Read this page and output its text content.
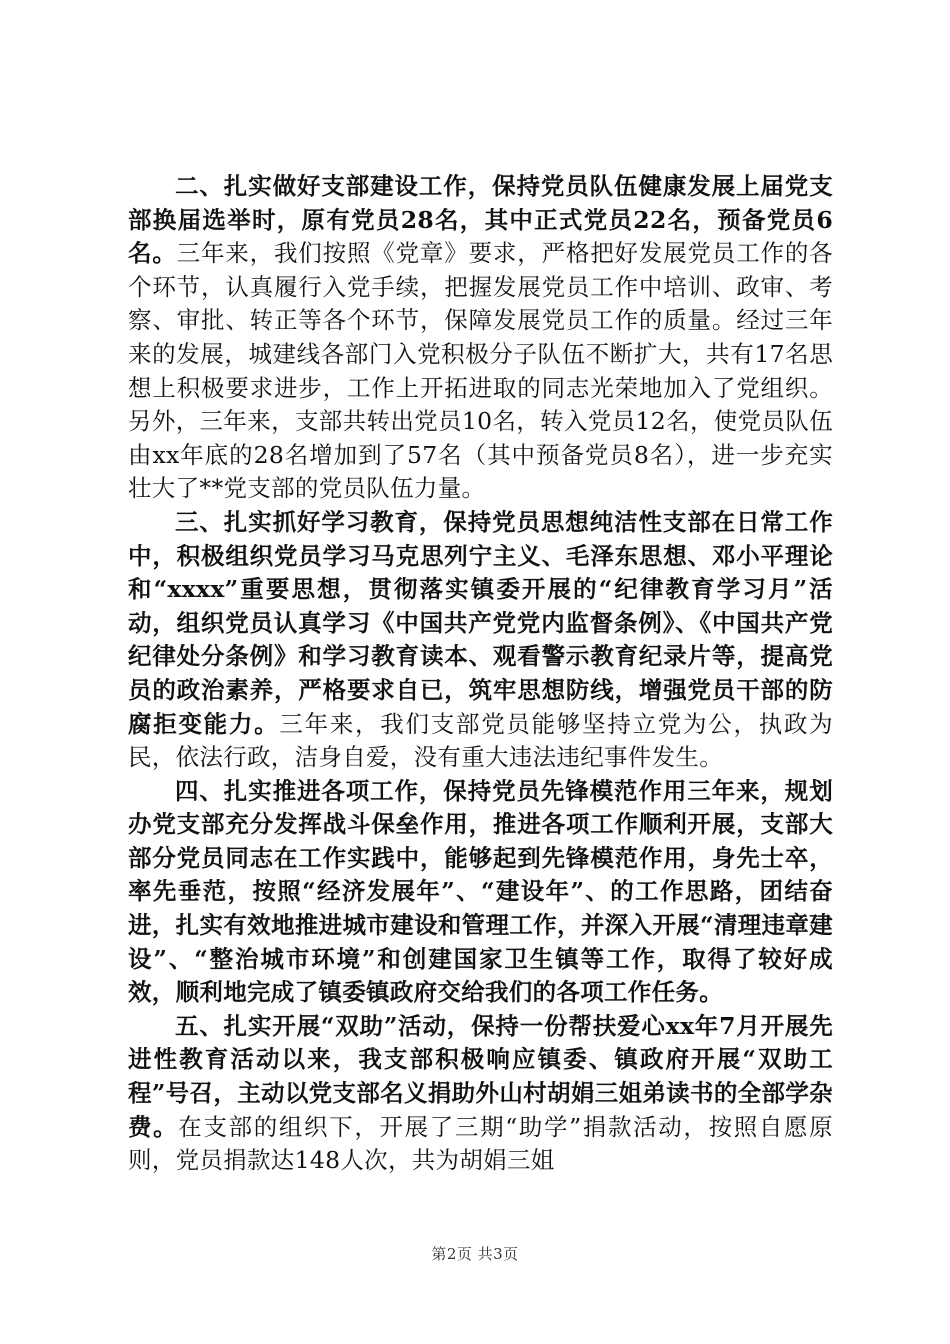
二、扎实做好支部建设工作，保持党员队伍健康发展上届党支部换届选举时，原有党员28名，其中正式党员22名，预备党员6名。三年来，我们按照《党章》要求，严格把好发展党员工作的各个环节，认真履行入党手续，把握发展党员工作中培训、政审、考察、审批、转正等各个环节，保障发展党员工作的质量。经过三年来的发展，城建线各部门入党积极分子队伍不断扩大，共有17名思想上积极要求进步，工作上开拓进取的同志光荣地加入了党组织。另外，三年来，支部共转出党员10名，转入党员12名，使党员队伍由xx年底的28名增加到了57名（其中预备党员8名），进一步充实壮大了**党支部的党员队伍力量。

三、扎实抓好学习教育，保持党员思想纯洁性支部在日常工作中，积极组织党员学习马克思列宁主义、毛泽东思想、邓小平理论和“xxxx”重要思想，贯彻落实镇委开展的“纪律教育学习月”活动，组织党员认真学习《中国共产党党内监督条例》、《中国共产党纪律处分条例》和学习教育读本、观看警示教育纪录片等，提高党员的政治素养，严格要求自已，筑牢思想防线，增强党员干部的防腐拒变能力。三年来，我们支部党员能够坚持立党为公，执政为民，依法行政，洁身自爱，没有重大违法违纪事件发生。

四、扎实推进各项工作，保持党员先锋模范作用三年来，规划办党支部充分发挥战斗保垒作用，推进各项工作顺利开展，支部大部分党员同志在工作实践中，能够起到先锋模范作用，身先士卒，率先垂范，按照“经济发展年”、“建设年”、的工作思路，团结奋进，扎实有效地推进城市建设和管理工作，并深入开展“清理违章建设”、“整治城市环境”和创建国家卫生镇等工作，取得了较好成效，顺利地完成了镇委镇政府交给我们的各项工作任务。

五、扎实开展“双助”活动，保持一份帮扶爱心xx年7月开展先进性教育活动以来，我支部积极响应镇委、镇政府开展“双助工程”号召，主动以党支部名义捐助外山村胡娟三姐弟读书的全部学杂费。在支部的组织下，开展了三期“助学”捐款活动，按照自愿原则，党员捐款达148人次，共为胡娟三姐

第2页 共3页
